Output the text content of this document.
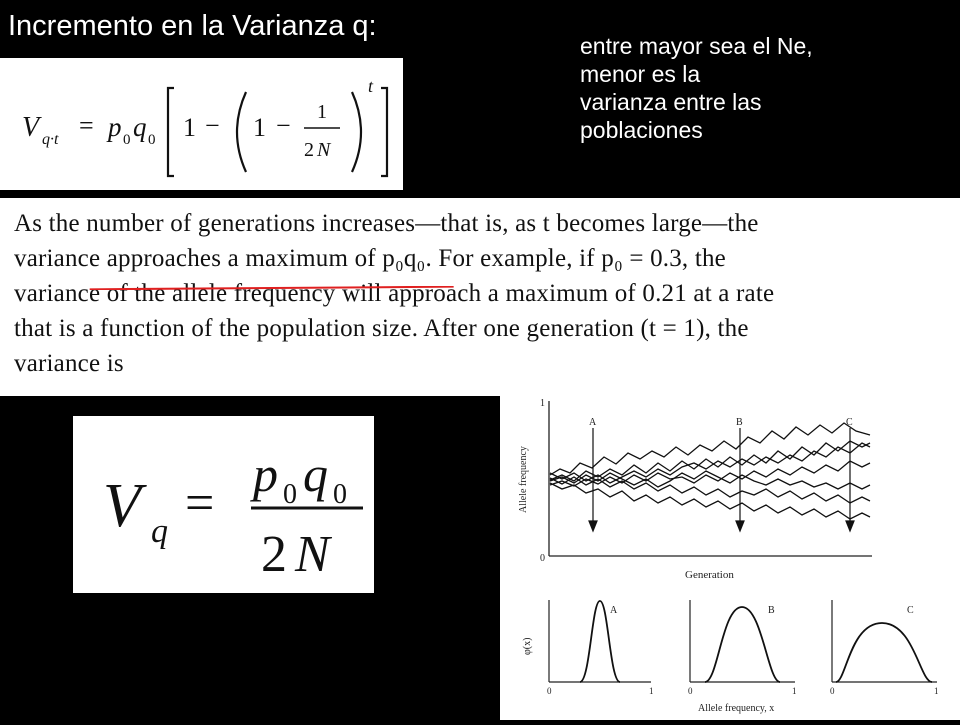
Incremento en la Varianza q:

entre mayor sea el Ne,

menor es la

varianza entre las

poblaciones

V q·t = p 0 q 0 1 − 1 − 1
2 N
t
As the number of generations increases—that is, as t becomes large—the
variance approaches a maximum of p₀q₀. For example, if p₀ = 0.3, the
variance of the allele frequency will approach a maximum of 0.21 at a rate
that is a function of the population size. After one generation (t = 1), the
variance is
V q =
p 0 q 0
2 N
1
0
Allele frequency
Generation
A	B	C
A	B	C
φ(x)
0	1	0	1	0	1
Allele frequency, x
